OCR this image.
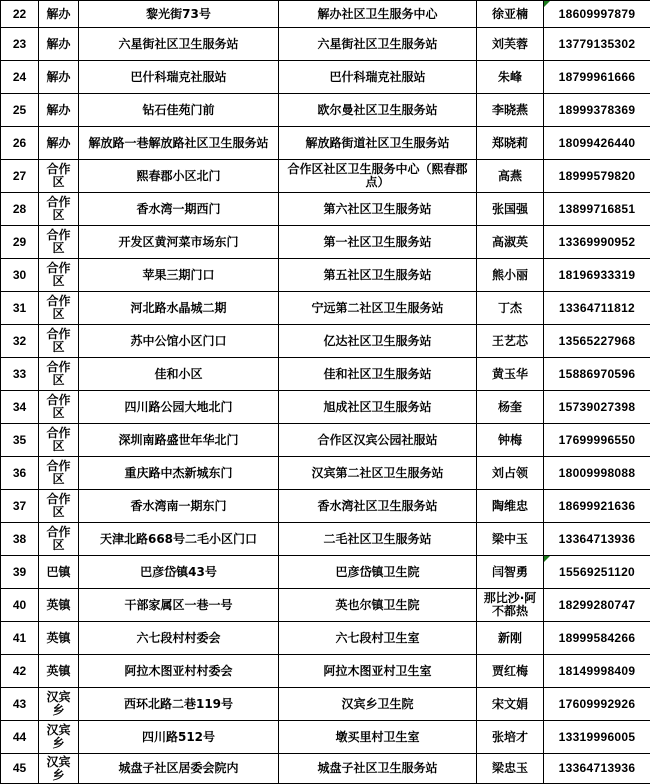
22	解办	黎光街73号	解办社区卫生服务中心	徐亚楠	18609997879

23	解办	六星街社区卫生服务站	六星街社区卫生服务站	刘芙蓉	13779135302
24	解办	巴什科瑞克社服站	巴什科瑞克社服站	朱峰	18799961666
25	解办	钻石佳苑门前	欧尔曼社区卫生服务站	李晓燕	18999378369
26	解办	解放路一巷解放路社区卫生服务站	解放路街道社区卫生服务站	郑晓莉	18099426440
27	合作区	熙春郡小区北门	合作区社区卫生服务中心（熙春郡点）	高燕	18999579820
28	合作区	香水湾一期西门	第六社区卫生服务站	张国强	13899716851
29	合作区	开发区黄河菜市场东门	第一社区卫生服务站	高淑英	13369990952
30	合作区	苹果三期门口	第五社区卫生服务站	熊小丽	18196933319
31	合作区	河北路水晶城二期	宁远第二社区卫生服务站	丁杰	13364711812
32	合作区	苏中公馆小区门口	亿达社区卫生服务站	王艺芯	13565227968
33	合作区	佳和小区	佳和社区卫生服务站	黄玉华	15886970596
34	合作区	四川路公园大地北门	旭成社区卫生服务站	杨奎	15739027398
35	合作区	深圳南路盛世年华北门	合作区汉宾公园社服站	钟梅	17699996550
36	合作区	重庆路中杰新城东门	汉宾第二社区卫生服务站	刘占领	18009998088
37	合作区	香水湾南一期东门	香水湾社区卫生服务站	陶维忠	18699921636
38	合作区	天津北路668号二毛小区门口	二毛社区卫生服务站	梁中玉	13364713936
39	巴镇	巴彦岱镇43号	巴彦岱镇卫生院	闫智勇	15569251120

40	英镇	干部家属区一巷一号	英也尔镇卫生院	那比沙·阿不都热	18299280747
41	英镇	六七段村村委会	六七段村卫生室	新刚	18999584266
42	英镇	阿拉木图亚村村委会	阿拉木图亚村卫生室	贾红梅	18149998409
43	汉宾乡	西环北路二巷119号	汉宾乡卫生院	宋文娟	17609992926
44	汉宾乡	四川路512号	墩买里村卫生室	张培才	13319996005
45	汉宾乡	城盘子社区居委会院内	城盘子社区卫生服务站	梁忠玉	13364713936
